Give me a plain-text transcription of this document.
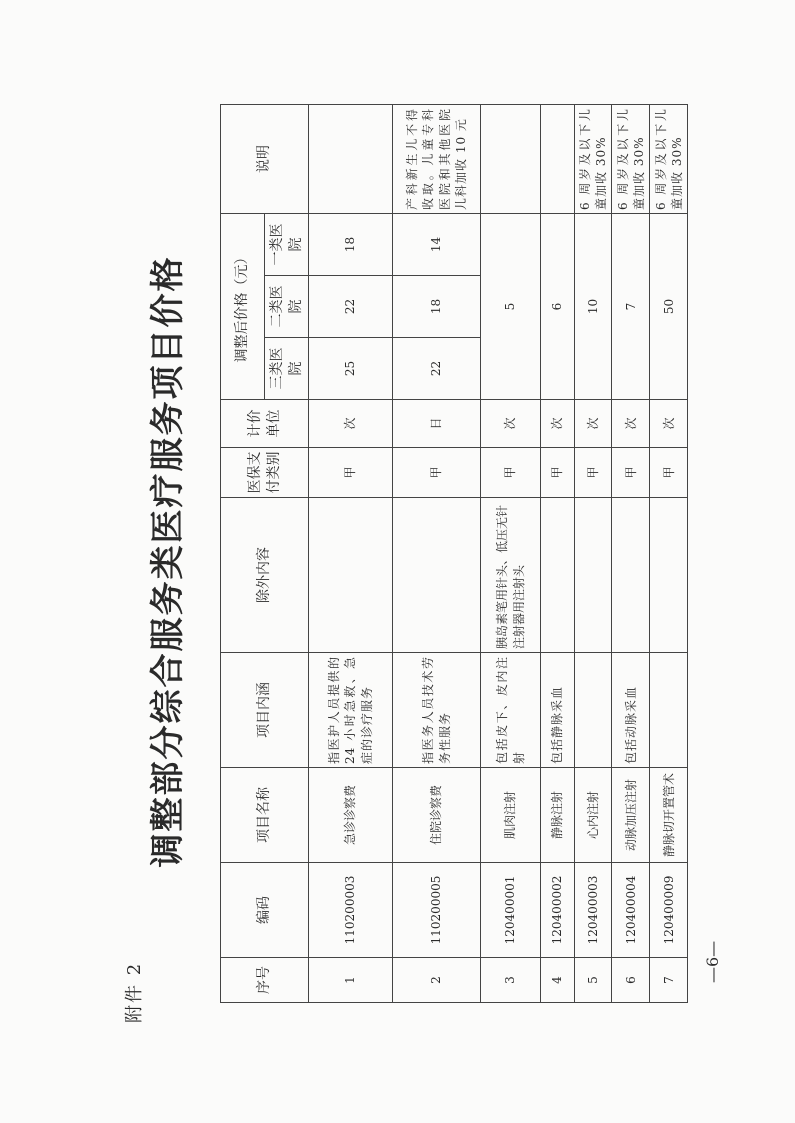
附件 2
调整部分综合服务类医疗服务项目价格
序号	编码	项目名称	项目内涵	除外内容	医保支付类别	计价单位	调整后价格（元）			说明
							三类医院	二类医院	一类医院	
1	110200003	急诊诊察费	指医护人员提供的 24 小时急救、急症的诊疗服务		甲	次	25	22	18	
2	110200005	住院诊察费	指医务人员技术劳务性服务		甲	日	22	18	14	产科新生儿不得收取。儿童专科医院和其他医院儿科加收 10 元
3	120400001	肌肉注射	包括皮下、皮内注射	胰岛素笔用针头、低压无针注射器用注射头	甲	次	5			
4	120400002	静脉注射	包括静脉采血		甲	次	6			
5	120400003	心内注射			甲	次	10			6 周岁及以下儿童加收 30%
6	120400004	动脉加压注射	包括动脉采血		甲	次	7			6 周岁及以下儿童加收 30%
7	120400009	静脉切开置管术			甲	次	50			6 周岁及以下儿童加收 30%
—6—
